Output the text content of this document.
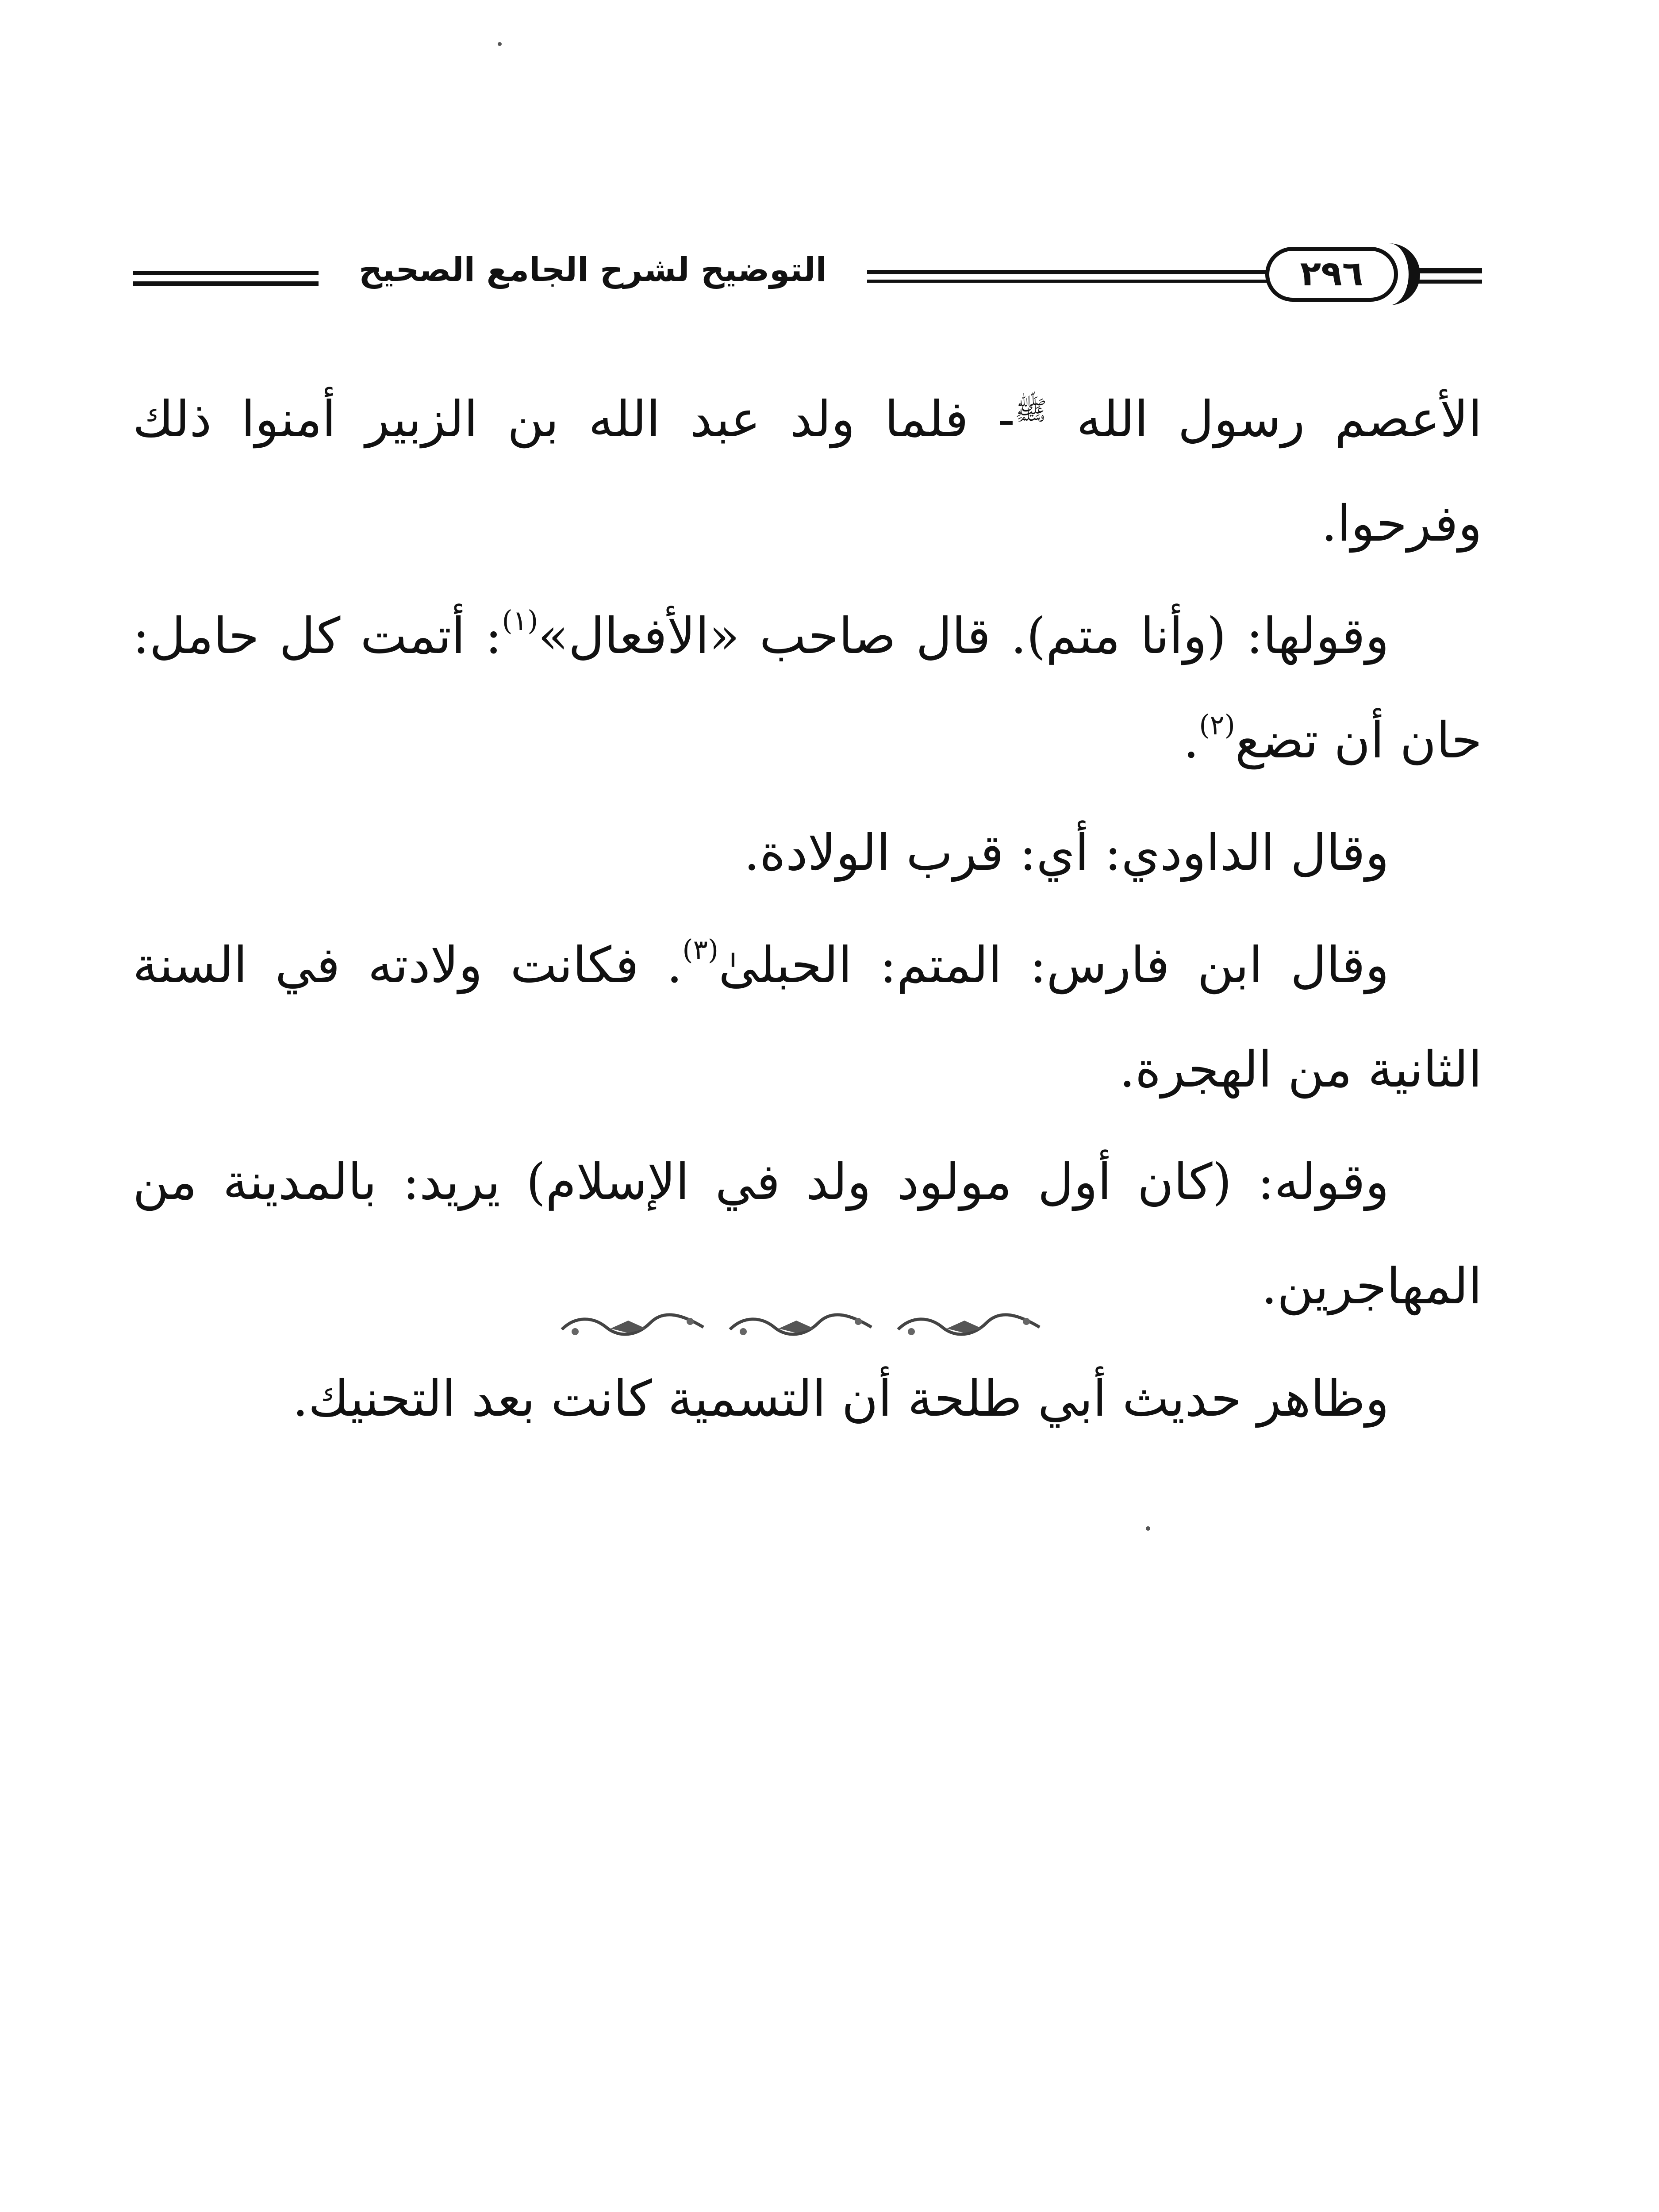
التوضيح لشرح الجامع الصحيح	٢٩٦

الأعصم رسول الله $^ﷺ$- فلما ولد عبد الله بن الزبير أمنوا ذلك وفرحوا.

وقولها: (وأنا متم). قال صاحب «الأفعال»$^{(١)}$: أتمت كل حامل: حان أن تضع$^{(٢)}$.

وقال الداودي: أي: قرب الولادة.

وقال ابن فارس: المتم: الحبلىٰ$^{(٣)}$. فكانت ولادته في السنة الثانية من الهجرة.

وقوله: (كان أول مولود ولد في الإسلام) يريد: بالمدينة من المهاجرين.

وظاهر حديث أبي طلحة أن التسمية كانت بعد التحنيك.
